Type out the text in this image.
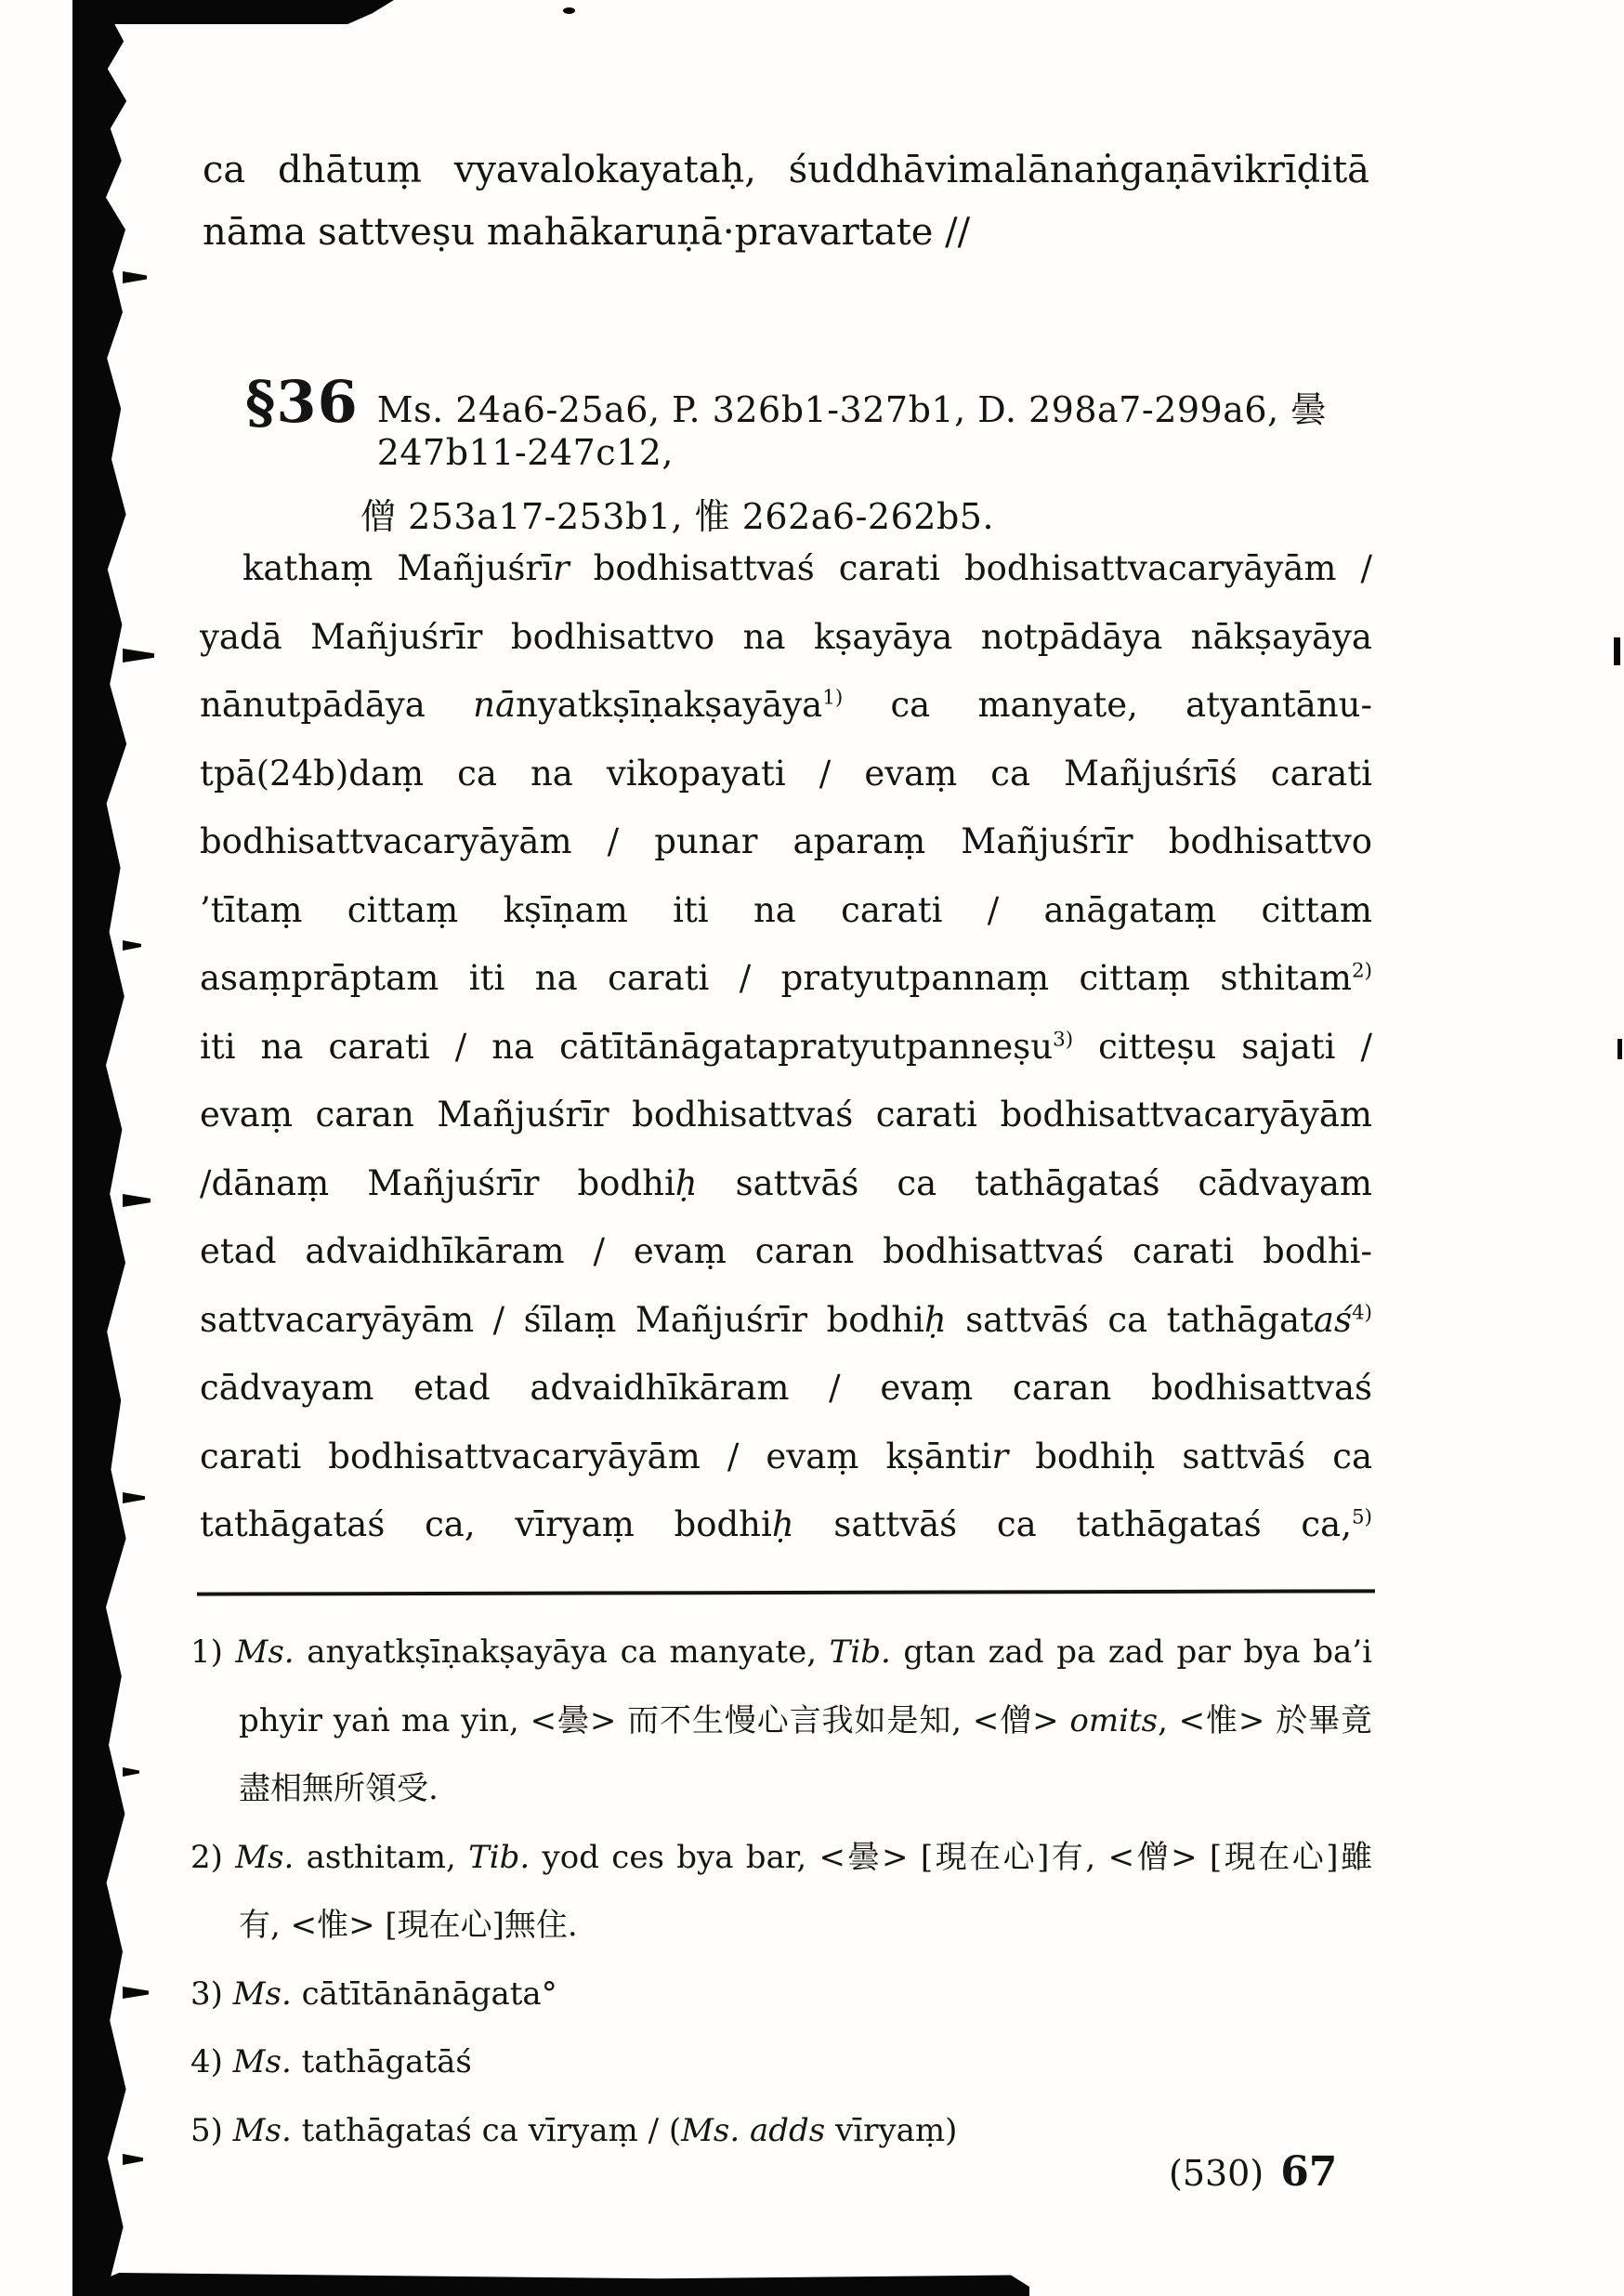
ca dhātuṃ vyavalokayataḥ, śuddhāvimalānaṅgaṇāvikrīḍitā
nāma sattveṣu mahākaruṇā·pravartate //
§36 Ms. 24a6-25a6, P. 326b1-327b1, D. 298a7-299a6, 曇 247b11-247c12,
僧 253a17-253b1, 惟 262a6-262b5.
kathaṃ Mañjuśrīr bodhisattvaś carati bodhisattvacaryāyām /
yadā Mañjuśrīr bodhisattvo na kṣayāya notpādāya nākṣayāya
nānutpādāya nānyatkṣīṇakṣayāya$^{1)}$ ca manyate, atyantānu-
tpā(24b)daṃ ca na vikopayati / evaṃ ca Mañjuśrīś carati
bodhisattvacaryāyām / punar aparaṃ Mañjuśrīr bodhisattvo
’tītaṃ cittaṃ kṣīṇam iti na carati / anāgataṃ cittam
asaṃprāptam iti na carati / pratyutpannaṃ cittaṃ sthitam$^{2)}$
iti na carati / na cātītānāgatapratyutpanneṣu$^{3)}$ citteṣu sajati /
evaṃ caran Mañjuśrīr bodhisattvaś carati bodhisattvacaryāyām
/dānaṃ Mañjuśrīr bodhiḥ sattvāś ca tathāgataś cādvayam
etad advaidhīkāram / evaṃ caran bodhisattvaś carati bodhi-
sattvacaryāyām / śīlaṃ Mañjuśrīr bodhiḥ sattvāś ca tathāgataś$^{4)}$
cādvayam etad advaidhīkāram / evaṃ caran bodhisattvaś
carati bodhisattvacaryāyām / evaṃ kṣāntir bodhiḥ sattvāś ca
tathāgataś ca, vīryaṃ bodhiḥ sattvāś ca tathāgataś ca,$^{5)}$
1) Ms. anyatkṣīṇakṣayāya ca manyate, Tib. gtan zad pa zad par bya ba’i
phyir yaṅ ma yin, <曇> 而不生慢心言我如是知, <僧> omits, <惟> 於畢竟
盡相無所領受.
2) Ms. asthitam, Tib. yod ces bya bar, <曇> [現在心]有, <僧> [現在心]雖
有, <惟> [現在心]無住.
3) Ms. cātītānānāgata°
4) Ms. tathāgatāś
5) Ms. tathāgataś ca vīryaṃ / (Ms. adds vīryaṃ)
(530) 67
